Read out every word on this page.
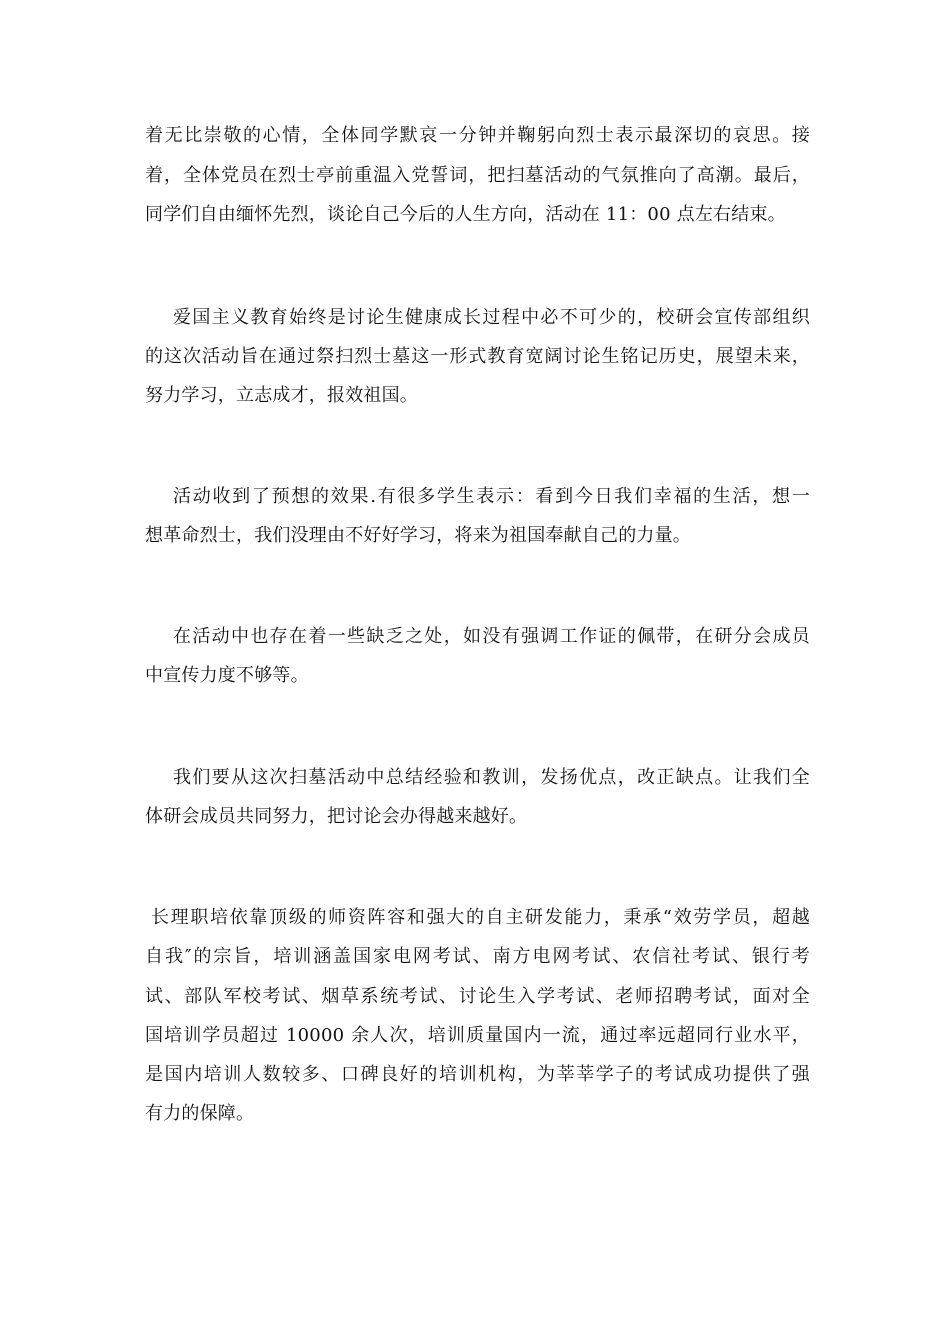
着无比崇敬的心情，全体同学默哀一分钟并鞠躬向烈士表示最深切的哀思。接
着，全体党员在烈士亭前重温入党誓词，把扫墓活动的气氛推向了高潮。最后，
同学们自由缅怀先烈，谈论自己今后的人生方向，活动在 11：00 点左右结束。
爱国主义教育始终是讨论生健康成长过程中必不可少的，校研会宣传部组织
的这次活动旨在通过祭扫烈士墓这一形式教育宽阔讨论生铭记历史，展望未来，
努力学习，立志成才，报效祖国。
活动收到了预想的效果.有很多学生表示：看到今日我们幸福的生活，想一
想革命烈士，我们没理由不好好学习，将来为祖国奉献自己的力量。
在活动中也存在着一些缺乏之处，如没有强调工作证的佩带，在研分会成员
中宣传力度不够等。
我们要从这次扫墓活动中总结经验和教训，发扬优点，改正缺点。让我们全
体研会成员共同努力，把讨论会办得越来越好。
长理职培依靠顶级的师资阵容和强大的自主研发能力，秉承“效劳学员，超越
自我″的宗旨，培训涵盖国家电网考试、南方电网考试、农信社考试、银行考
试、部队军校考试、烟草系统考试、讨论生入学考试、老师招聘考试，面对全
国培训学员超过 10000 余人次，培训质量国内一流，通过率远超同行业水平，
是国内培训人数较多、口碑良好的培训机构，为莘莘学子的考试成功提供了强
有力的保障。
